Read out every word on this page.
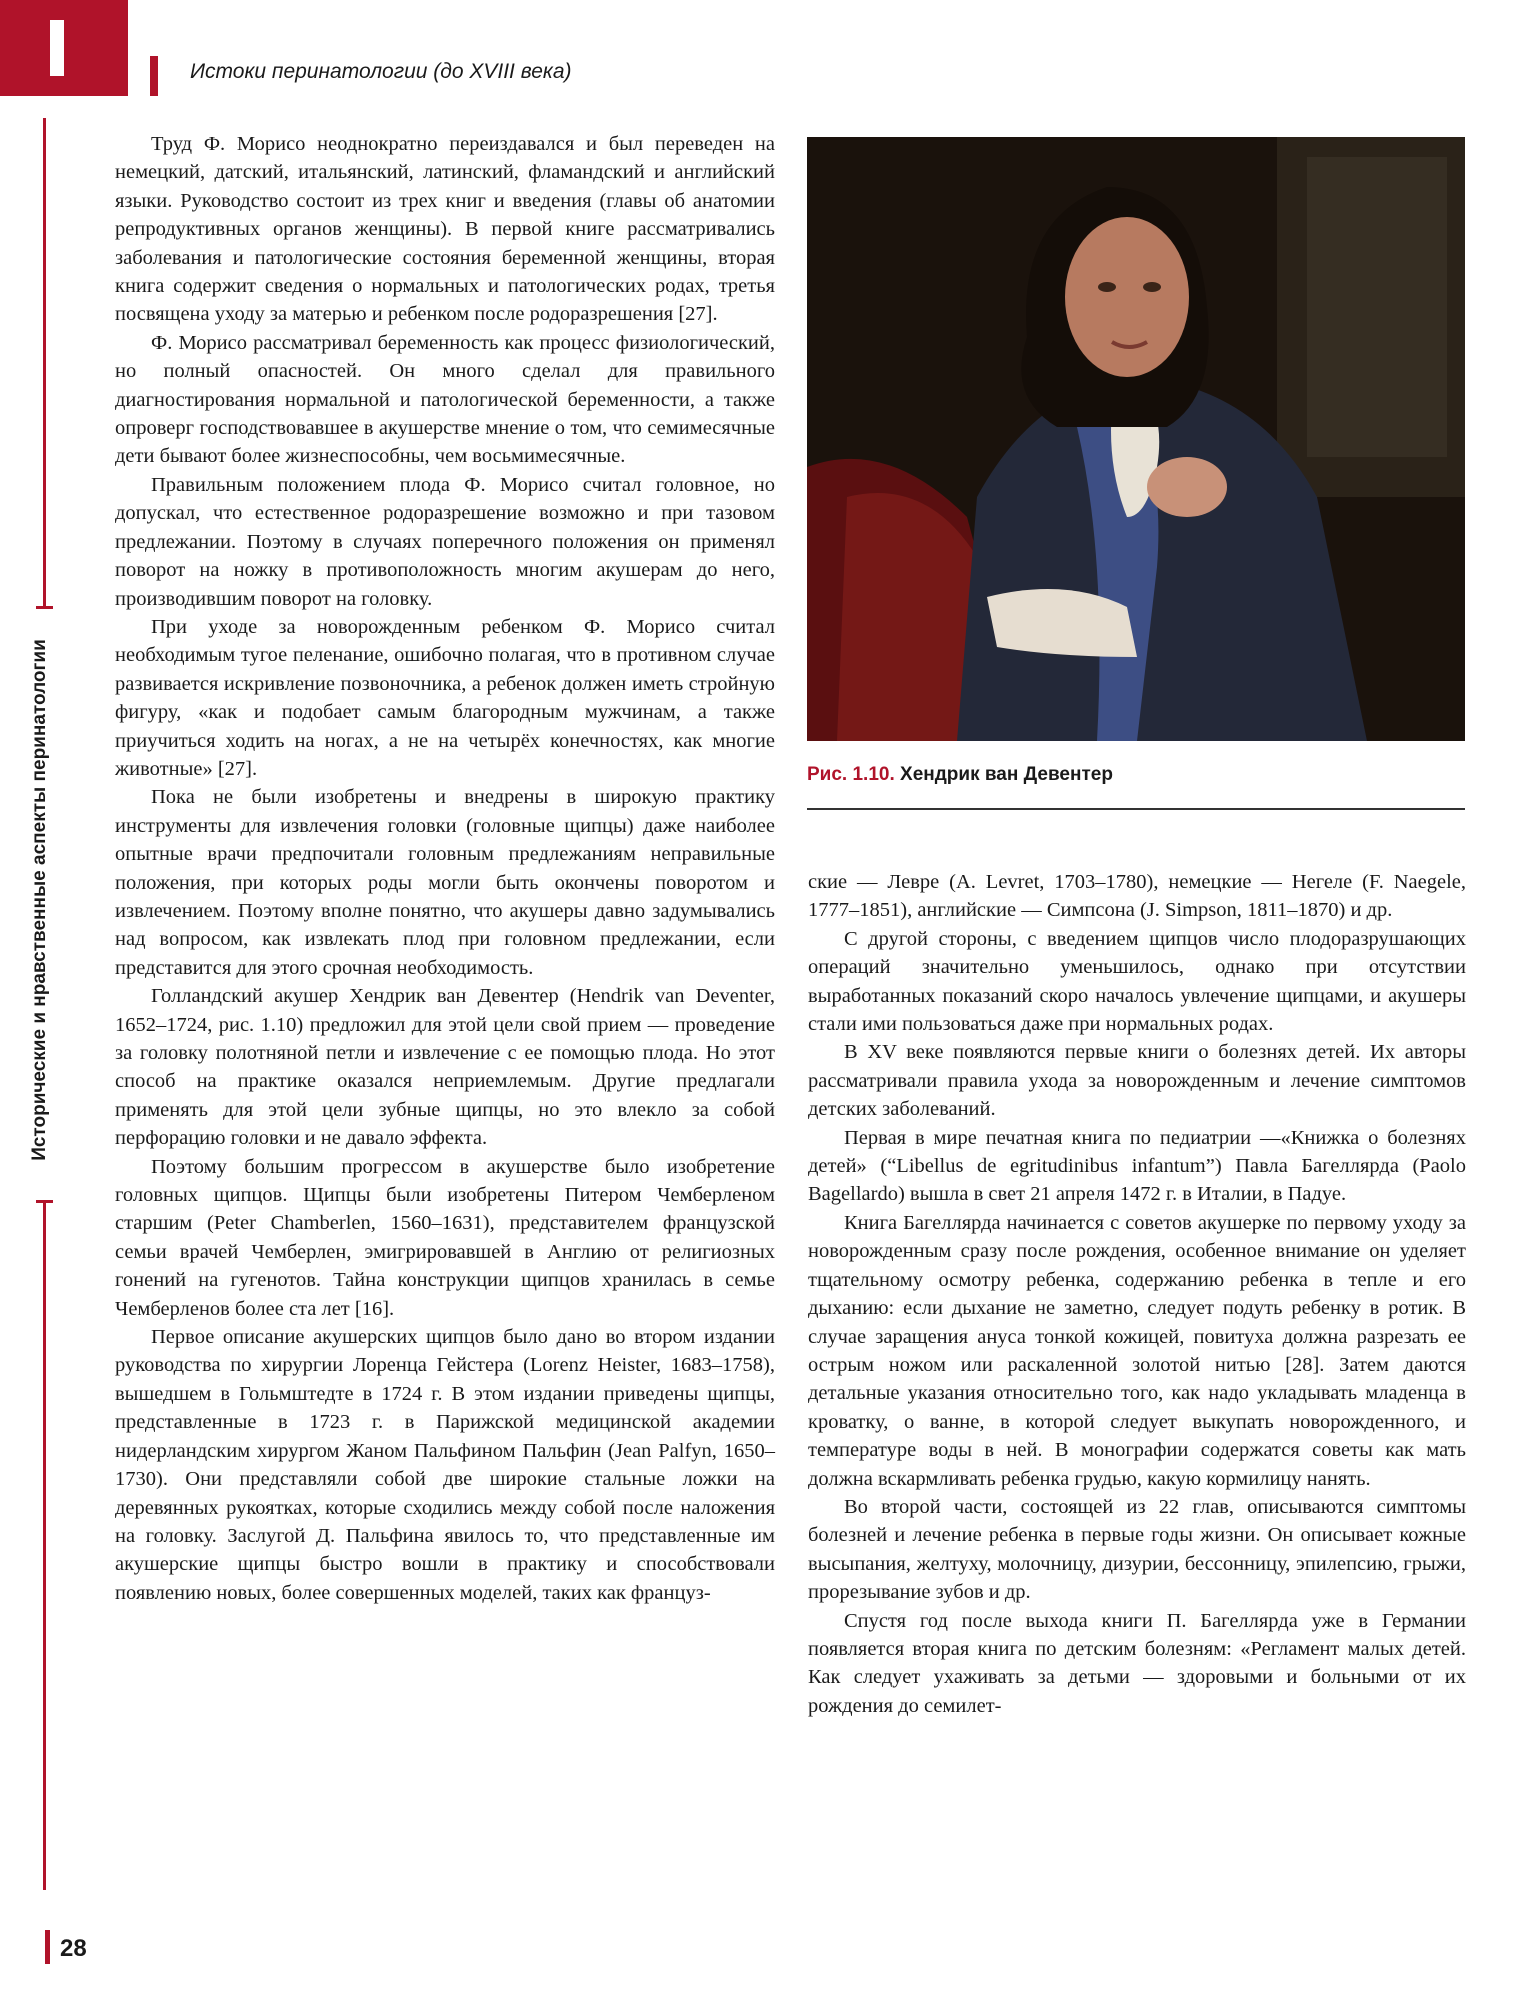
Истоки перинатологии (до XVIII века)
Исторические и нравственные аспекты перинатологии

Труд Ф. Морисо неоднократно переиздавался и был переведен на немецкий, датский, итальянский, латинский, фламандский и английский языки. Руководство состоит из трех книг и введения (главы об анатомии репродуктивных органов женщины). В первой книге рассматривались заболевания и патологические состояния беременной женщины, вторая книга содержит сведения о нормальных и патологических родах, третья посвящена уходу за матерью и ребенком после родоразрешения [27].

Ф. Морисо рассматривал беременность как процесс физиологический, но полный опасностей. Он много сделал для правильного диагностирования нормальной и патологической беременности, а также опроверг господствовавшее в акушерстве мнение о том, что семимесячные дети бывают более жизнеспособны, чем восьмимесячные.

Правильным положением плода Ф. Морисо считал головное, но допускал, что естественное родоразрешение возможно и при тазовом предлежании. Поэтому в случаях поперечного положения он применял поворот на ножку в противоположность многим акушерам до него, производившим поворот на головку.

При уходе за новорожденным ребенком Ф. Морисо считал необходимым тугое пеленание, ошибочно полагая, что в противном случае развивается искривление позвоночника, а ребенок должен иметь стройную фигуру, «как и подобает самым благородным мужчинам, а также приучиться ходить на ногах, а не на четырёх конечностях, как многие животные» [27].

Пока не были изобретены и внедрены в широкую практику инструменты для извлечения головки (головные щипцы) даже наиболее опытные врачи предпочитали головным предлежаниям неправильные положения, при которых роды могли быть окончены поворотом и извлечением. Поэтому вполне понятно, что акушеры давно задумывались над вопросом, как извлекать плод при головном предлежании, если представится для этого срочная необходимость.

Голландский акушер Хендрик ван Девентер (Hendrik van Deventer, 1652–1724, рис. 1.10) предложил для этой цели свой прием — проведение за головку полотняной петли и извлечение с ее помощью плода. Но этот способ на практике оказался неприемлемым. Другие предлагали применять для этой цели зубные щипцы, но это влекло за собой перфорацию головки и не давало эффекта.

Поэтому большим прогрессом в акушерстве было изобретение головных щипцов. Щипцы были изобретены Питером Чемберленом старшим (Peter Chamberlen, 1560–1631), представителем французской семьи врачей Чемберлен, эмигрировавшей в Англию от религиозных гонений на гугенотов. Тайна конструкции щипцов хранилась в семье Чемберленов более ста лет [16].

Первое описание акушерских щипцов было дано во втором издании руководства по хирургии Лоренца Гейстера (Lorenz Heister, 1683–1758), вышедшем в Гольмштедте в 1724 г. В этом издании приведены щипцы, представленные в 1723 г. в Парижской медицинской академии нидерландским хирургом Жаном Пальфином Пальфин (Jean Palfyn, 1650–1730). Они представляли собой две широкие стальные ложки на деревянных рукоятках, которые сходились между собой после наложения на головку. Заслугой Д. Пальфина явилось то, что представленные им акушерские щипцы быстро вошли в практику и способствовали появлению новых, более совершенных моделей, таких как француз-

Рис. 1.10. Хендрик ван Девентер

ские — Левре (A. Levret, 1703–1780), немецкие — Негеле (F. Naegele, 1777–1851), английские — Симпсона (J. Simpson, 1811–1870) и др.

С другой стороны, с введением щипцов число плодоразрушающих операций значительно уменьшилось, однако при отсутствии выработанных показаний скоро началось увлечение щипцами, и акушеры стали ими пользоваться даже при нормальных родах.

В XV веке появляются первые книги о болезнях детей. Их авторы рассматривали правила ухода за новорожденным и лечение симптомов детских заболеваний.

Первая в мире печатная книга по педиатрии —«Книжка о болезнях детей» (“Libellus de egritudinibus infantum”) Павла Багеллярда (Paolo Bagellardo) вышла в свет 21 апреля 1472 г. в Италии, в Падуе.

Книга Багеллярда начинается с советов акушерке по первому уходу за новорожденным сразу после рождения, особенное внимание он уделяет тщательному осмотру ребенка, содержанию ребенка в тепле и его дыханию: если дыхание не заметно, следует подуть ребенку в ротик. В случае заращения ануса тонкой кожицей, повитуха должна разрезать ее острым ножом или раскаленной золотой нитью [28]. Затем даются детальные указания относительно того, как надо укладывать младенца в кроватку, о ванне, в которой следует выкупать новорожденного, и температуре воды в ней. В монографии содержатся советы как мать должна вскармливать ребенка грудью, какую кормилицу нанять.

Во второй части, состоящей из 22 глав, описываются симптомы болезней и лечение ребенка в первые годы жизни. Он описывает кожные высыпания, желтуху, молочницу, дизурии, бессонницу, эпилепсию, грыжи, прорезывание зубов и др.

Спустя год после выхода книги П. Багеллярда уже в Германии появляется вторая книга по детским болезням: «Регламент малых детей. Как следует ухаживать за детьми — здоровыми и больными от их рождения до семилет-

28
